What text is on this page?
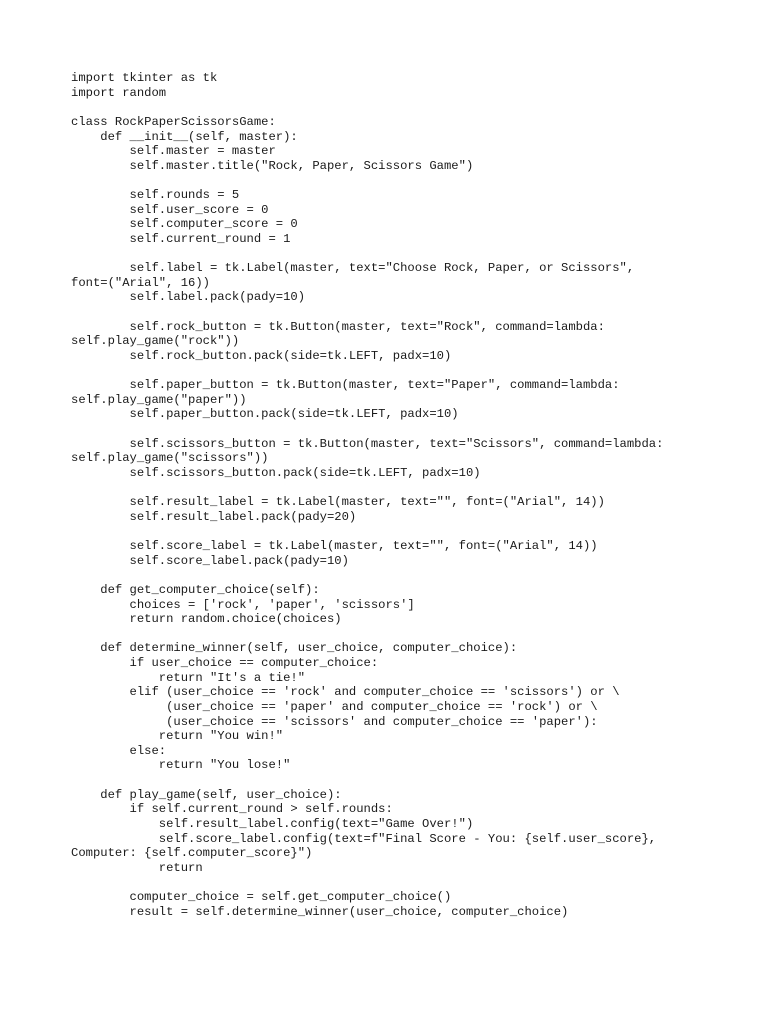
import tkinter as tk
import random
class RockPaperScissorsGame:
def __init__(self, master):
self.master = master
self.master.title("Rock, Paper, Scissors Game")
self.rounds = 5
self.user_score = 0
self.computer_score = 0
self.current_round = 1
self.label = tk.Label(master, text="Choose Rock, Paper, or Scissors",
font=("Arial", 16))
self.label.pack(pady=10)
self.rock_button = tk.Button(master, text="Rock", command=lambda:
self.play_game("rock"))
self.rock_button.pack(side=tk.LEFT, padx=10)
self.paper_button = tk.Button(master, text="Paper", command=lambda:
self.play_game("paper"))
self.paper_button.pack(side=tk.LEFT, padx=10)
self.scissors_button = tk.Button(master, text="Scissors", command=lambda:
self.play_game("scissors"))
self.scissors_button.pack(side=tk.LEFT, padx=10)
self.result_label = tk.Label(master, text="", font=("Arial", 14))
self.result_label.pack(pady=20)
self.score_label = tk.Label(master, text="", font=("Arial", 14))
self.score_label.pack(pady=10)
def get_computer_choice(self):
choices = ['rock', 'paper', 'scissors']
return random.choice(choices)
def determine_winner(self, user_choice, computer_choice):
if user_choice == computer_choice:
return "It's a tie!"
elif (user_choice == 'rock' and computer_choice == 'scissors') or \
(user_choice == 'paper' and computer_choice == 'rock') or \
(user_choice == 'scissors' and computer_choice == 'paper'):
return "You win!"
else:
return "You lose!"
def play_game(self, user_choice):
if self.current_round > self.rounds:
self.result_label.config(text="Game Over!")
self.score_label.config(text=f"Final Score - You: {self.user_score},
Computer: {self.computer_score}")
return
computer_choice = self.get_computer_choice()
result = self.determine_winner(user_choice, computer_choice)
